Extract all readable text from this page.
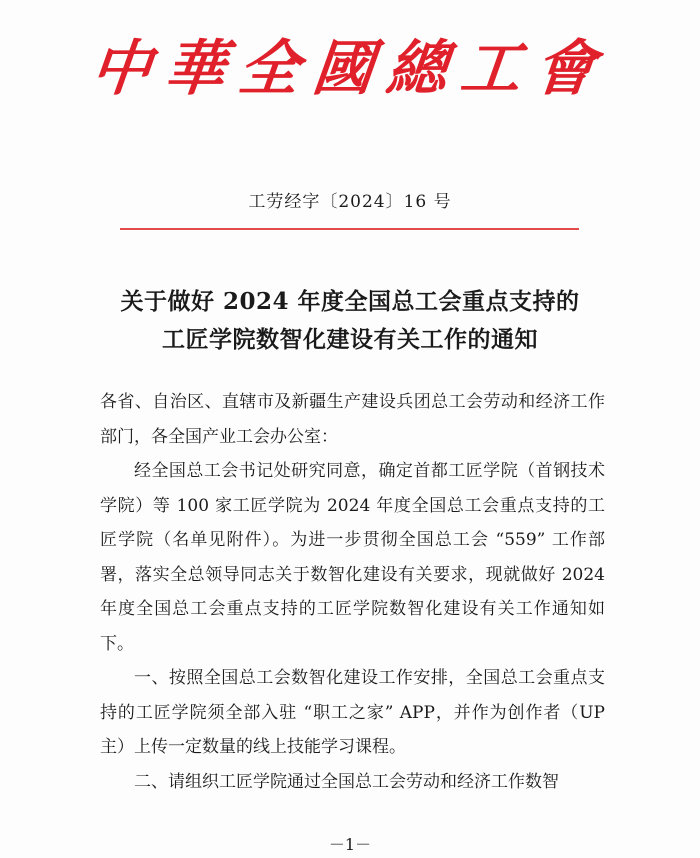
中華全國總工會
工劳经字〔2024〕16 号
关于做好 2024 年度全国总工会重点支持的
工匠学院数智化建设有关工作的通知

各省、自治区、直辖市及新疆生产建设兵团总工会劳动和经济工作部门，各全国产业工会办公室：

经全国总工会书记处研究同意，确定首都工匠学院（首钢技术学院）等 100 家工匠学院为 2024 年度全国总工会重点支持的工匠学院（名单见附件）。为进一步贯彻全国总工会 “559” 工作部署，落实全总领导同志关于数智化建设有关要求，现就做好 2024 年度全国总工会重点支持的工匠学院数智化建设有关工作通知如下。

一、按照全国总工会数智化建设工作安排，全国总工会重点支持的工匠学院须全部入驻 “职工之家” APP，并作为创作者（UP 主）上传一定数量的线上技能学习课程。

二、请组织工匠学院通过全国总工会劳动和经济工作数智

－1－
